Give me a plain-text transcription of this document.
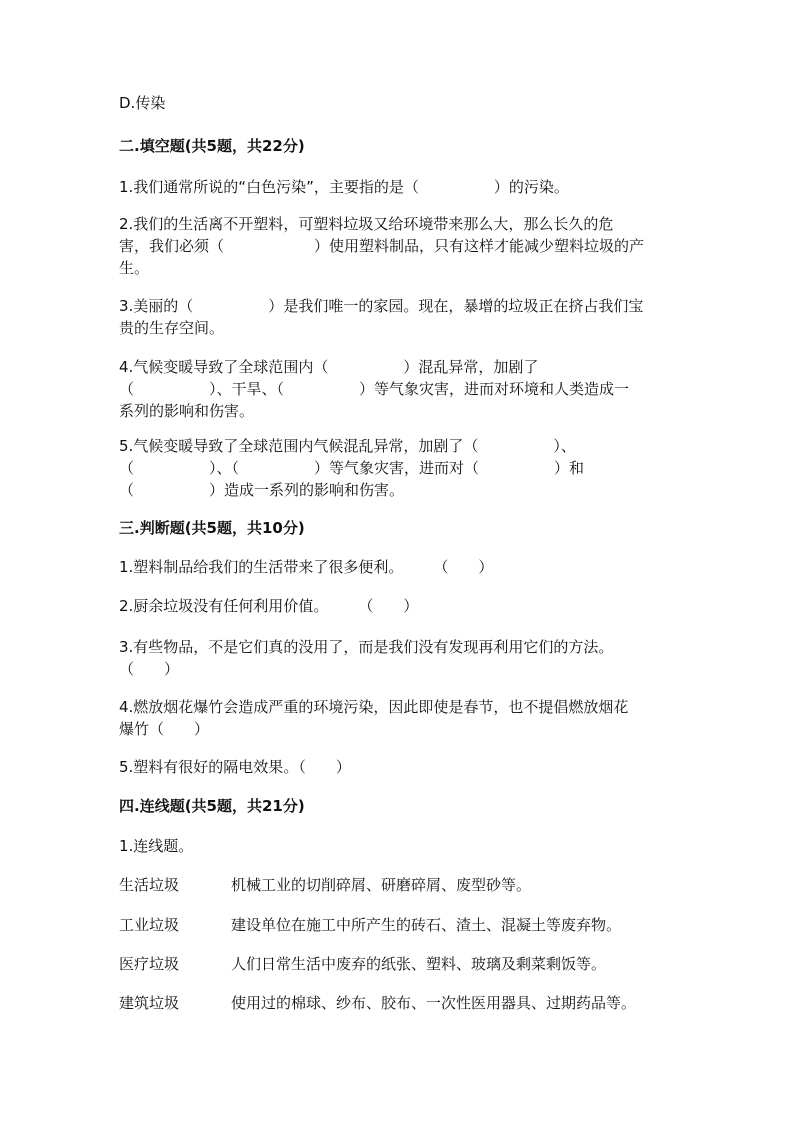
D.传染
二.填空题(共5题，共22分)
1.我们通常所说的“白色污染”，主要指的是（　　　　　）的污染。
2.我们的生活离不开塑料，可塑料垃圾又给环境带来那么大，那么长久的危
害，我们必须（　　　　　　）使用塑料制品，只有这样才能减少塑料垃圾的产
生。
3.美丽的（　　　　　）是我们唯一的家园。现在，暴增的垃圾正在挤占我们宝
贵的生存空间。
4.气候变暖导致了全球范围内（　　　　　）混乱异常，加剧了
（　　　　　）、干旱、（　　　　　）等气象灾害，进而对环境和人类造成一
系列的影响和伤害。
5.气候变暖导致了全球范围内气候混乱异常，加剧了（　　　　　）、
（　　　　　）、（　　　　　）等气象灾害，进而对（　　　　　）和
（　　　　　）造成一系列的影响和伤害。
三.判断题(共5题，共10分)
1.塑料制品给我们的生活带来了很多便利。　　　（　　）
2.厨余垃圾没有任何利用价值。　　　（　　）
3.有些物品，不是它们真的没用了，而是我们没有发现再利用它们的方法。
（　　）
4.燃放烟花爆竹会造成严重的环境污染，因此即使是春节，也不提倡燃放烟花
爆竹（　　）
5.塑料有很好的隔电效果。（　　）
四.连线题(共5题，共21分)
1.连线题。
生活垃圾	机械工业的切削碎屑、研磨碎屑、废型砂等。
工业垃圾	建设单位在施工中所产生的砖石、渣土、混凝土等废弃物。
医疗垃圾	人们日常生活中废弃的纸张、塑料、玻璃及剩菜剩饭等。
建筑垃圾	使用过的棉球、纱布、胶布、一次性医用器具、过期药品等。
